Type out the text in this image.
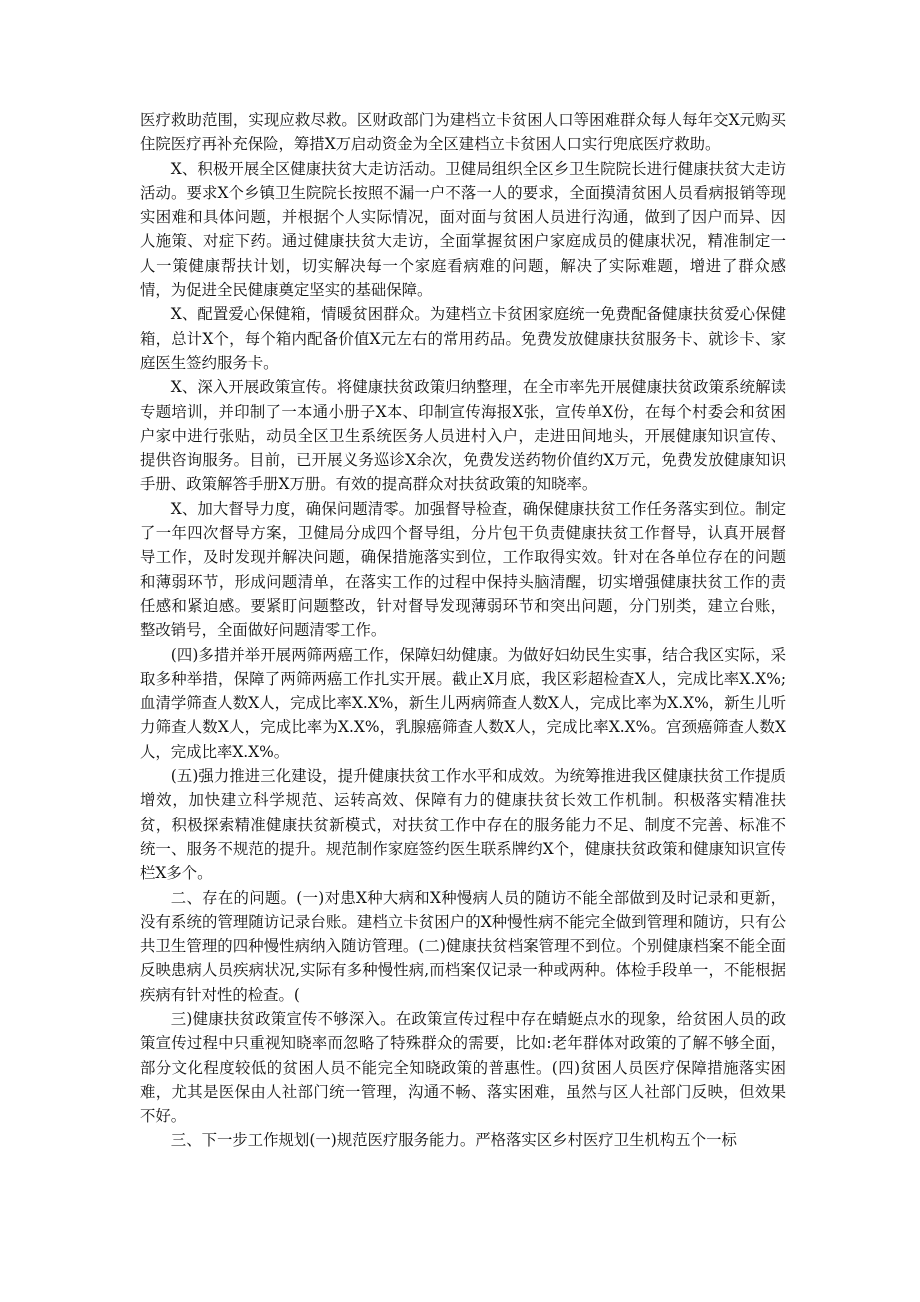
医疗救助范围，实现应救尽救。区财政部门为建档立卡贫困人口等困难群众每人每年交X元购买住院医疗再补充保险，筹措X万启动资金为全区建档立卡贫困人口实行兜底医疗救助。

X、积极开展全区健康扶贫大走访活动。卫健局组织全区乡卫生院院长进行健康扶贫大走访活动。要求X个乡镇卫生院院长按照不漏一户不落一人的要求，全面摸清贫困人员看病报销等现实困难和具体问题，并根据个人实际情况，面对面与贫困人员进行沟通，做到了因户而异、因人施策、对症下药。通过健康扶贫大走访，全面掌握贫困户家庭成员的健康状况，精准制定一人一策健康帮扶计划，切实解决每一个家庭看病难的问题，解决了实际难题，增进了群众感情，为促进全民健康奠定坚实的基础保障。

X、配置爱心保健箱，情暖贫困群众。为建档立卡贫困家庭统一免费配备健康扶贫爱心保健箱，总计X个，每个箱内配备价值X元左右的常用药品。免费发放健康扶贫服务卡、就诊卡、家庭医生签约服务卡。

X、深入开展政策宣传。将健康扶贫政策归纳整理，在全市率先开展健康扶贫政策系统解读专题培训，并印制了一本通小册子X本、印制宣传海报X张，宣传单X份，在每个村委会和贫困户家中进行张贴，动员全区卫生系统医务人员进村入户，走进田间地头，开展健康知识宣传、提供咨询服务。目前，已开展义务巡诊X余次，免费发送药物价值约X万元，免费发放健康知识手册、政策解答手册X万册。有效的提高群众对扶贫政策的知晓率。

X、加大督导力度，确保问题清零。加强督导检查，确保健康扶贫工作任务落实到位。制定了一年四次督导方案，卫健局分成四个督导组，分片包干负责健康扶贫工作督导，认真开展督导工作，及时发现并解决问题，确保措施落实到位，工作取得实效。针对在各单位存在的问题和薄弱环节，形成问题清单，在落实工作的过程中保持头脑清醒，切实增强健康扶贫工作的责任感和紧迫感。要紧盯问题整改，针对督导发现薄弱环节和突出问题，分门别类，建立台账，整改销号，全面做好问题清零工作。

(四)多措并举开展两筛两癌工作，保障妇幼健康。为做好妇幼民生实事，结合我区实际，采取多种举措，保障了两筛两癌工作扎实开展。截止X月底，我区彩超检查X人，完成比率X.X%;血清学筛查人数X人，完成比率X.X%，新生儿两病筛查人数X人，完成比率为X.X%，新生儿听力筛查人数X人，完成比率为X.X%，乳腺癌筛查人数X人，完成比率X.X%。宫颈癌筛查人数X人，完成比率X.X%。

(五)强力推进三化建设，提升健康扶贫工作水平和成效。为统筹推进我区健康扶贫工作提质增效，加快建立科学规范、运转高效、保障有力的健康扶贫长效工作机制。积极落实精准扶贫，积极探索精准健康扶贫新模式，对扶贫工作中存在的服务能力不足、制度不完善、标准不统一、服务不规范的提升。规范制作家庭签约医生联系牌约X个，健康扶贫政策和健康知识宣传栏X多个。

二、存在的问题。(一)对患X种大病和X种慢病人员的随访不能全部做到及时记录和更新，没有系统的管理随访记录台账。建档立卡贫困户的X种慢性病不能完全做到管理和随访，只有公共卫生管理的四种慢性病纳入随访管理。(二)健康扶贫档案管理不到位。个别健康档案不能全面反映患病人员疾病状况,实际有多种慢性病,而档案仅记录一种或两种。体检手段单一，不能根据疾病有针对性的检查。(

三)健康扶贫政策宣传不够深入。在政策宣传过程中存在蜻蜓点水的现象，给贫困人员的政策宣传过程中只重视知晓率而忽略了特殊群众的需要，比如:老年群体对政策的了解不够全面，部分文化程度较低的贫困人员不能完全知晓政策的普惠性。(四)贫困人员医疗保障措施落实困难，尤其是医保由人社部门统一管理，沟通不畅、落实困难，虽然与区人社部门反映，但效果不好。

三、下一步工作规划(一)规范医疗服务能力。严格落实区乡村医疗卫生机构五个一标
